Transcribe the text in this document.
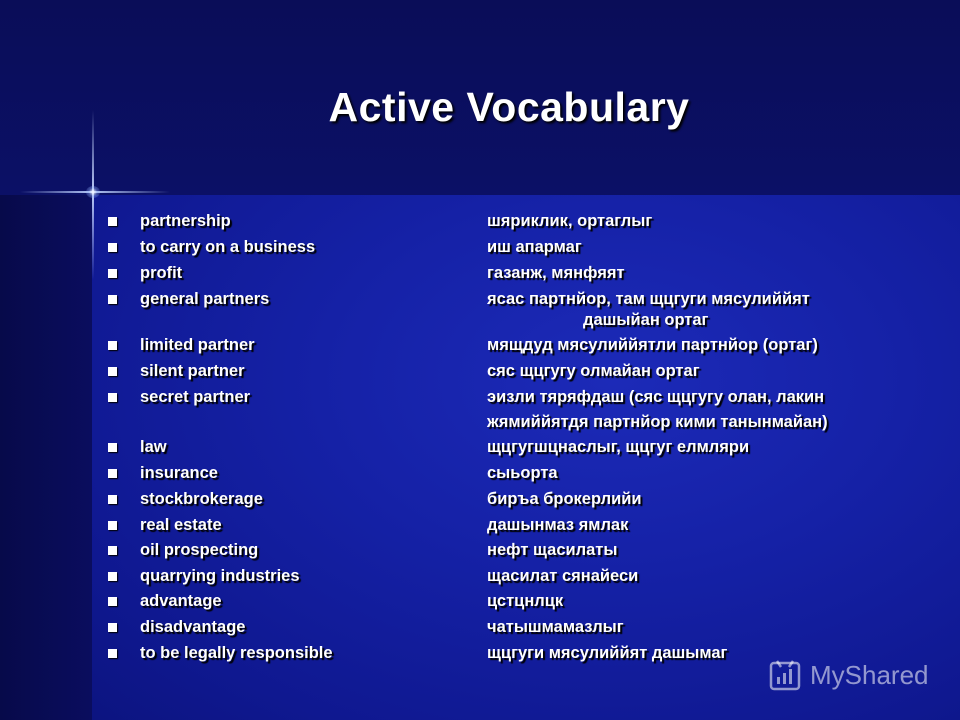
Active Vocabulary
partnership	шяриклик, ортаглыг
to carry on a business	иш апармаг
profit	газанж, мянфяят
general partners	ясас партнйор, там щцгуги мясулиййят
дашыйан ортаг
limited partner	мящдуд мясулиййятли партнйор (ортаг)
silent partner	сяс щцгугу олмайан ортаг
secret partner	эизли тяряфдаш (сяс щцгугу олан, лакин
жямиййятдя партнйор кими танынмайан)
law	щцгугшцнаслыг, щцгуг елмляри
insurance	сыьорта
stockbrokerage	биръа брокерлийи
real estate	дашынмаз ямлак
oil prospecting	нефт щасилаты
quarrying industries	щасилат сянайеси
advantage	цстцнлцк
disadvantage	чатышмамазлыг
to be legally responsible	щцгуги мясулиййят дашымаг
MyShared
